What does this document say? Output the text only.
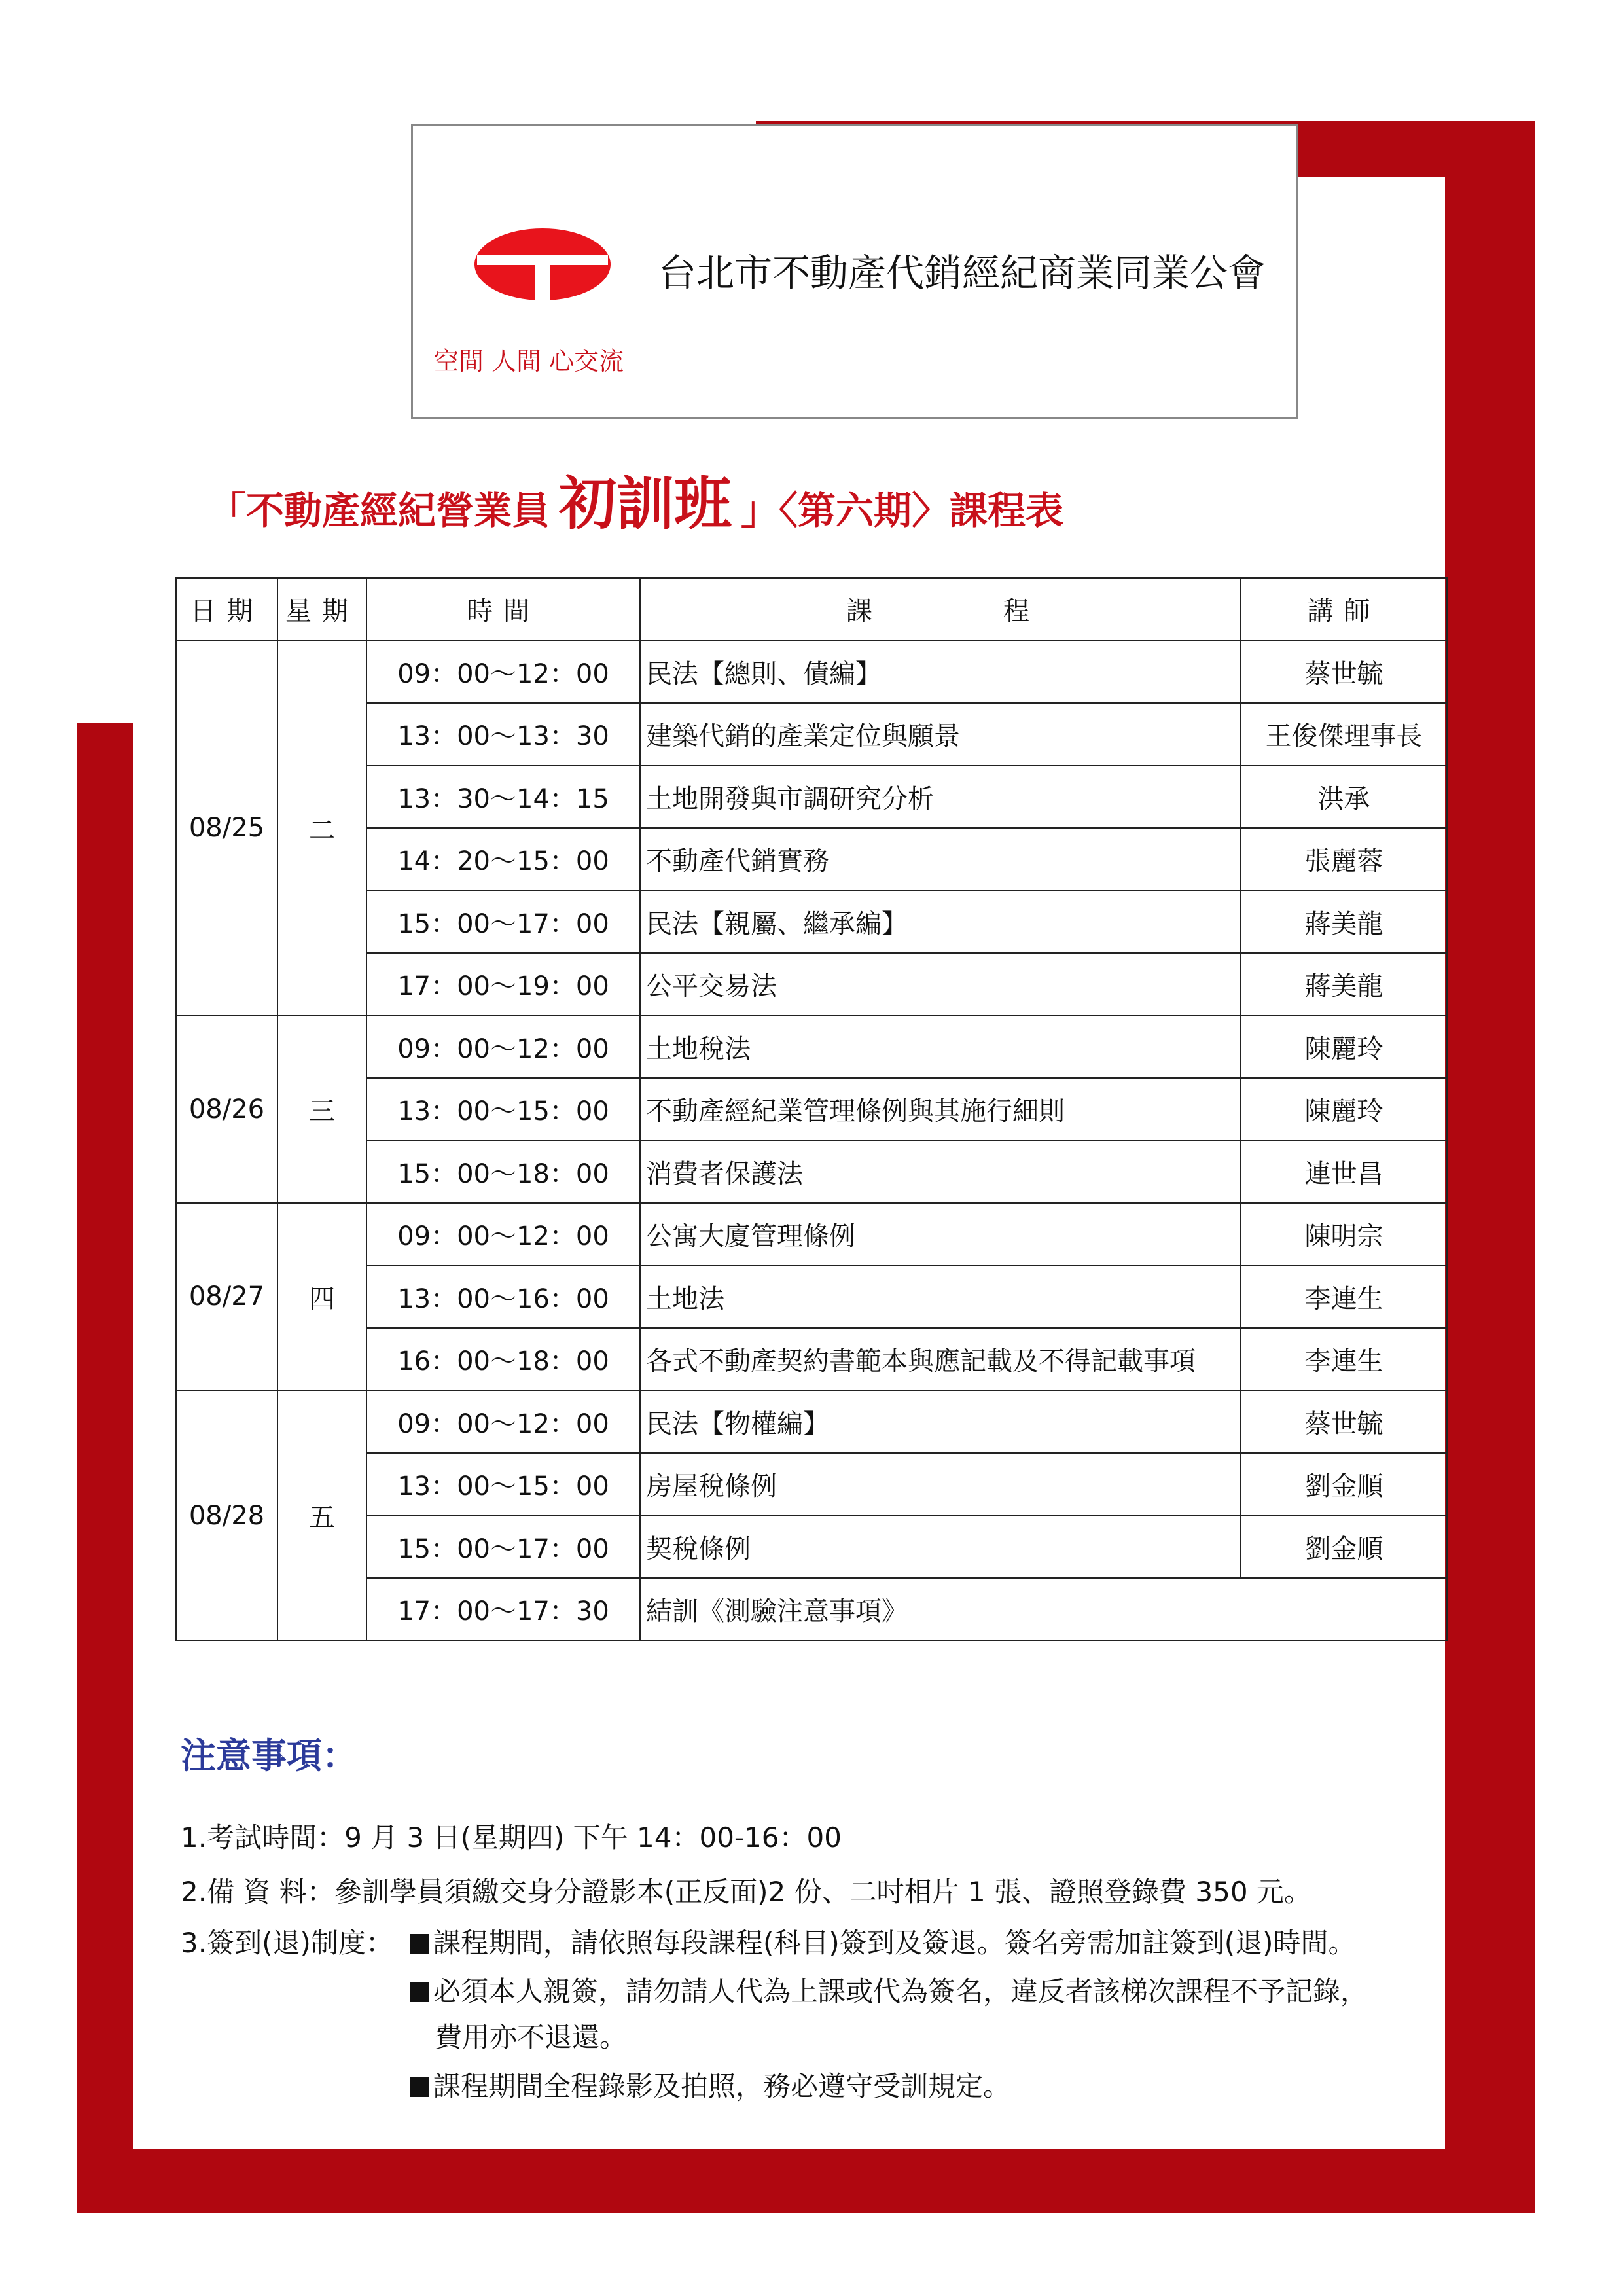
台北市不動產代銷經紀商業同業公會
空間 人間 心交流
「不動產經紀營業員 初訓班 」〈第六期〉課程表
日期	星期	時間	課程	講師
08/25	二	09：00～12：00	民法【總則、債編】	蔡世毓
		13：00～13：30	建築代銷的產業定位與願景	王俊傑理事長
		13：30～14：15	土地開發與市調研究分析	洪承
		14：20～15：00	不動產代銷實務	張麗蓉
		15：00～17：00	民法【親屬、繼承編】	蔣美龍
		17：00～19：00	公平交易法	蔣美龍
08/26	三	09：00～12：00	土地稅法	陳麗玲
		13：00～15：00	不動產經紀業管理條例與其施行細則	陳麗玲
		15：00～18：00	消費者保護法	連世昌
08/27	四	09：00～12：00	公寓大廈管理條例	陳明宗
		13：00～16：00	土地法	李連生
		16：00～18：00	各式不動產契約書範本與應記載及不得記載事項	李連生
08/28	五	09：00～12：00	民法【物權編】	蔡世毓
		13：00～15：00	房屋稅條例	劉金順
		15：00～17：00	契稅條例	劉金順
		17：00～17：30	結訓《測驗注意事項》	
注意事項：
1.考試時間：9 月 3 日(星期四) 下午 14：00-16：00
2.備 資 料：參訓學員須繳交身分證影本(正反面)2 份、二吋相片 1 張、證照登錄費 350 元。
3.簽到(退)制度：	課程期間，請依照每段課程(科目)簽到及簽退。簽名旁需加註簽到(退)時間。
必須本人親簽，請勿請人代為上課或代為簽名，違反者該梯次課程不予記錄，
費用亦不退還。
課程期間全程錄影及拍照，務必遵守受訓規定。
